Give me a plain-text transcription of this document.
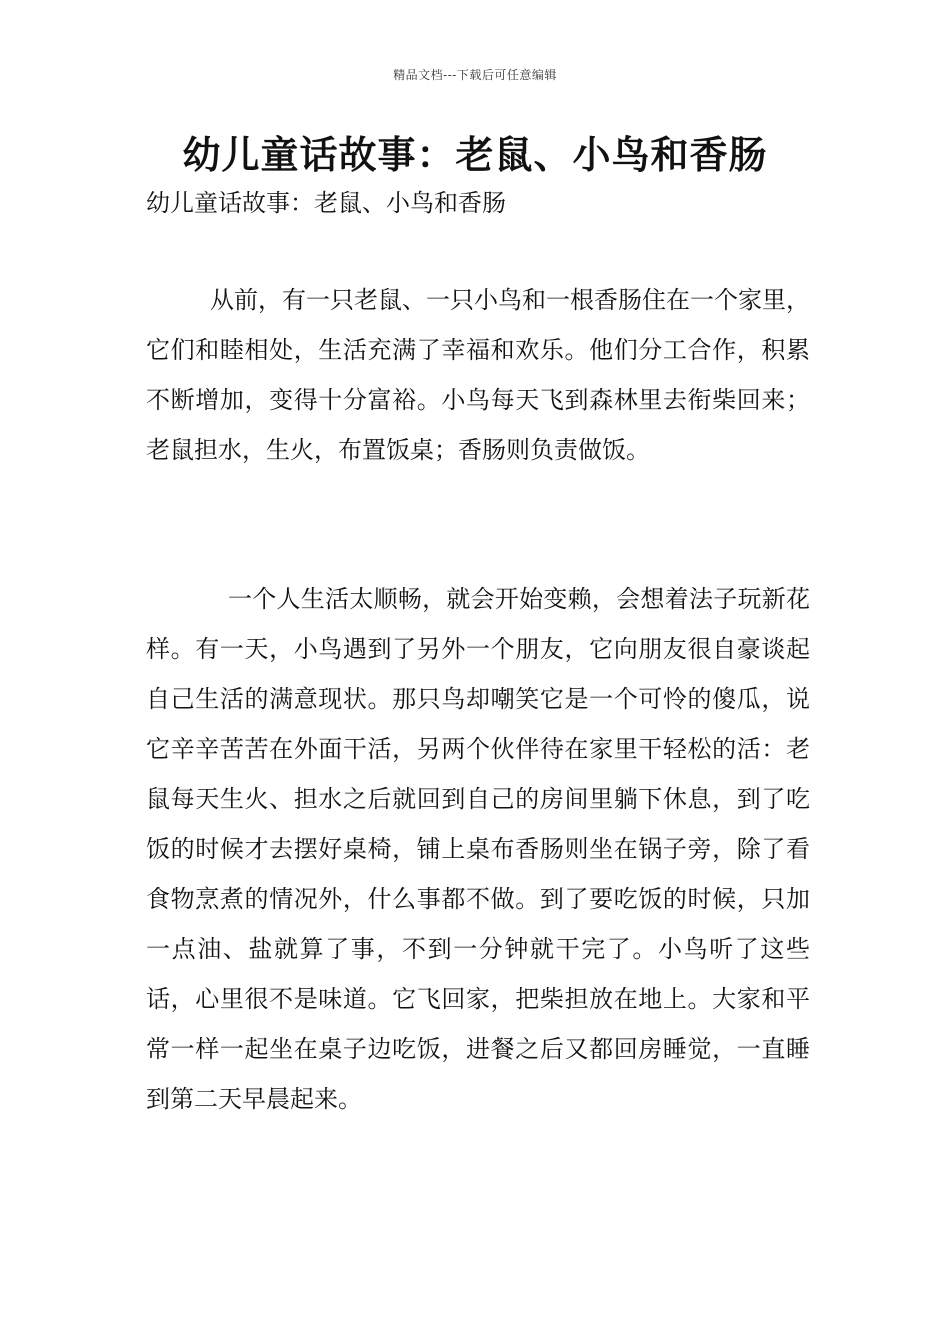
精品文档---下载后可任意编辑
幼儿童话故事：老鼠、小鸟和香肠

幼儿童话故事：老鼠、小鸟和香肠

从前，有一只老鼠、一只小鸟和一根香肠住在一个家里，它们和睦相处，生活充满了幸福和欢乐。他们分工合作，积累不断增加，变得十分富裕。小鸟每天飞到森林里去衔柴回来；老鼠担水，生火，布置饭桌；香肠则负责做饭。

一个人生活太顺畅，就会开始变赖，会想着法子玩新花样。有一天，小鸟遇到了另外一个朋友，它向朋友很自豪谈起自己生活的满意现状。那只鸟却嘲笑它是一个可怜的傻瓜，说它辛辛苦苦在外面干活，另两个伙伴待在家里干轻松的活：老鼠每天生火、担水之后就回到自己的房间里躺下休息，到了吃饭的时候才去摆好桌椅，铺上桌布香肠则坐在锅子旁，除了看食物烹煮的情况外，什么事都不做。到了要吃饭的时候，只加一点油、盐就算了事，不到一分钟就干完了。小鸟听了这些话，心里很不是味道。它飞回家，把柴担放在地上。大家和平常一样一起坐在桌子边吃饭，进餐之后又都回房睡觉，一直睡到第二天早晨起来。
